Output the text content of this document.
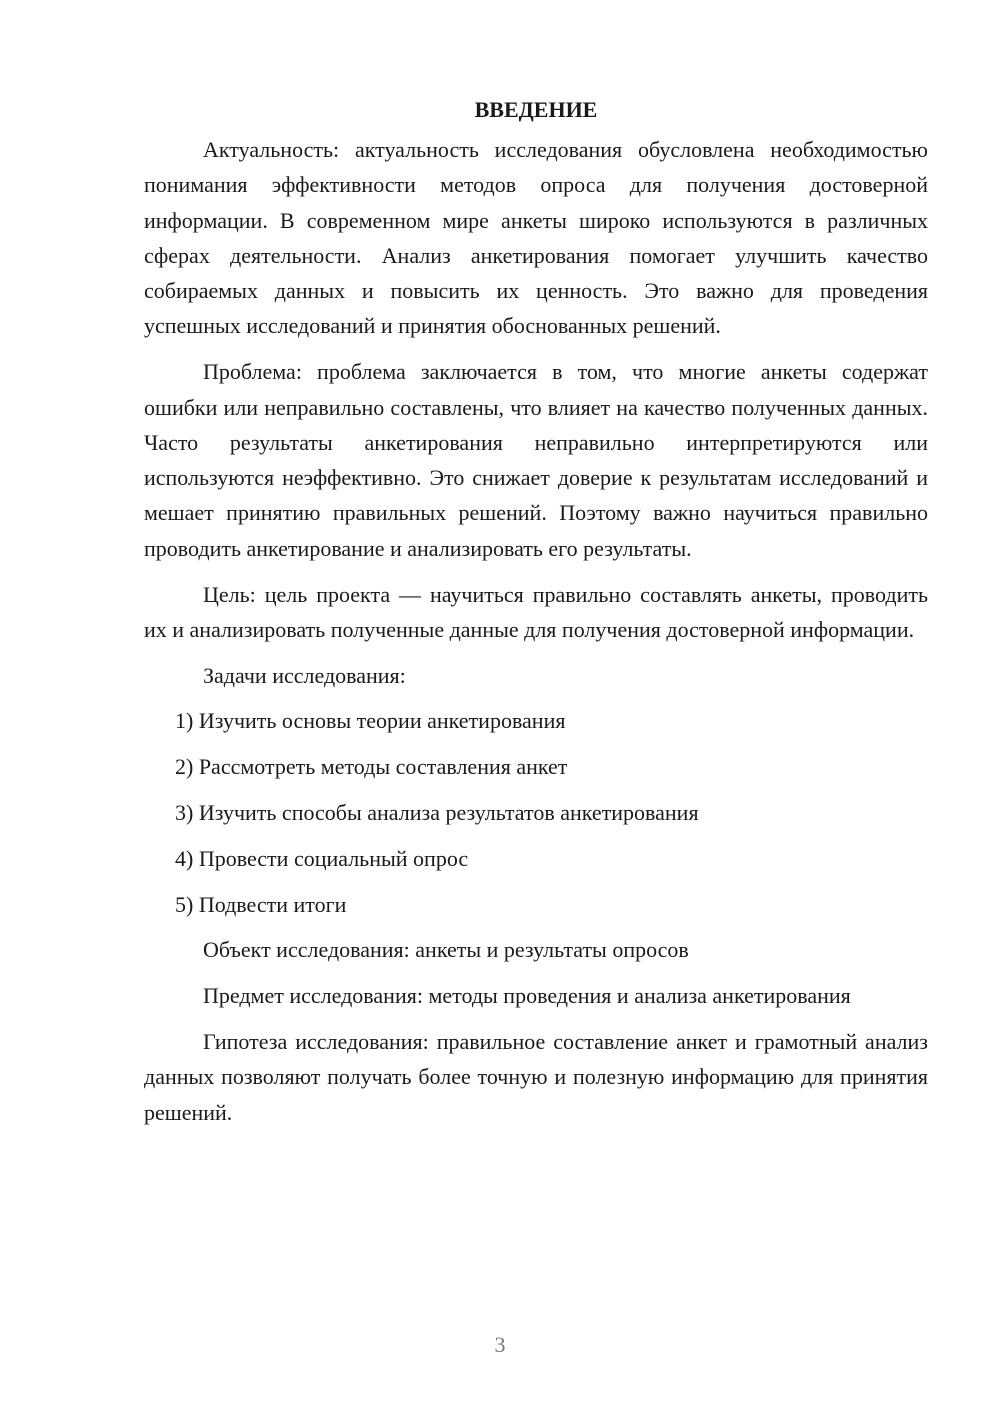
ВВЕДЕНИЕ

Актуальность: актуальность исследования обусловлена необходимостью понимания эффективности методов опроса для получения достоверной информации. В современном мире анкеты широко используются в различных сферах деятельности. Анализ анкетирования помогает улучшить качество собираемых данных и повысить их ценность. Это важно для проведения успешных исследований и принятия обоснованных решений.

Проблема: проблема заключается в том, что многие анкеты содержат ошибки или неправильно составлены, что влияет на качество полученных данных. Часто результаты анкетирования неправильно интерпретируются или используются неэффективно. Это снижает доверие к результатам исследований и мешает принятию правильных решений. Поэтому важно научиться правильно проводить анкетирование и анализировать его результаты.

Цель: цель проекта — научиться правильно составлять анкеты, проводить их и анализировать полученные данные для получения достоверной информации.

Задачи исследования:

1) Изучить основы теории анкетирования
2) Рассмотреть методы составления анкет
3) Изучить способы анализа результатов анкетирования
4) Провести социальный опрос
5) Подвести итоги

Объект исследования: анкеты и результаты опросов

Предмет исследования: методы проведения и анализа анкетирования

Гипотеза исследования: правильное составление анкет и грамотный анализ данных позволяют получать более точную и полезную информацию для принятия решений.

3
